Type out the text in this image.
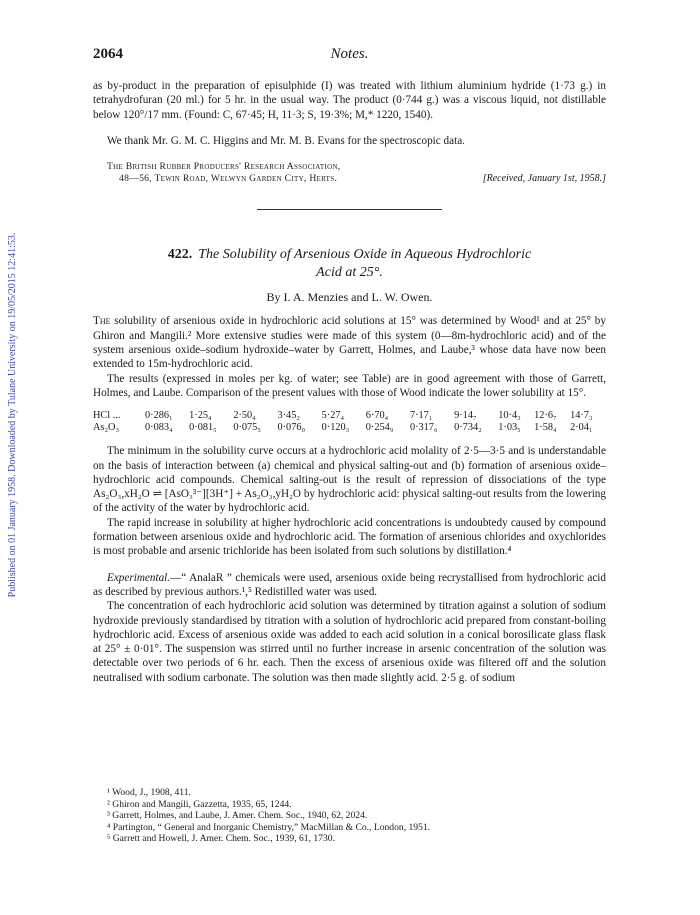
Published on 01 January 1958. Downloaded by Tulane University on 19/05/2015 12:41:53.
2064	Notes.

as by-product in the preparation of episulphide (I) was treated with lithium aluminium hydride (1·73 g.) in tetrahydrofuran (20 ml.) for 5 hr. in the usual way. The product (0·744 g.) was a viscous liquid, not distillable below 120°/17 mm. (Found: C, 67·45; H, 11·3; S, 19·3%; M,* 1220, 1540).

We thank Mr. G. M. C. Higgins and Mr. M. B. Evans for the spectroscopic data.

The British Rubber Producers' Research Association,
48—56, Tewin Road, Welwyn Garden City, Herts.	[Received, January 1st, 1958.]
422. The Solubility of Arsenious Oxide in Aqueous Hydrochloric
Acid at 25°.
By I. A. Menzies and L. W. Owen.

The solubility of arsenious oxide in hydrochloric acid solutions at 15° was determined by Wood¹ and at 25° by Ghiron and Mangili.² More extensive studies were made of this system (0—8m-hydrochloric acid) and of the system arsenious oxide–sodium hydroxide–water by Garrett, Holmes, and Laube,³ whose data have now been extended to 15m-hydrochloric acid.

The results (expressed in moles per kg. of water; see Table) are in good agreement with those of Garrett, Holmes, and Laube. Comparison of the present values with those of Wood indicate the lower solubility at 15°.

HCl ...	0·286₁	1·25₄	2·50₄	3·45₂	5·27₄	6·70₄	7·17₁	9·14₇	10·4₃	12·6₇	14·7₃
As₂O₃	0·083₄	0·081₅	0·075₅	0·076₀	0·120₃	0·254₉	0·317₆	0·734₂	1·03₅	1·58₄	2·04₁

The minimum in the solubility curve occurs at a hydrochloric acid molality of 2·5—3·5 and is understandable on the basis of interaction between (a) chemical and physical salting-out and (b) formation of arsenious oxide–hydrochloric acid compounds. Chemical salting-out is the result of repression of dissociations of the type As₂O₃,xH₂O ⇌ [AsO₃³⁻][3H⁺] + As₂O₃,yH₂O by hydrochloric acid: physical salting-out results from the lowering of the activity of the water by hydrochloric acid.

The rapid increase in solubility at higher hydrochloric acid concentrations is undoubtedy caused by compound formation between arsenious oxide and hydrochloric acid. The formation of arsenious chlorides and oxychlorides is most probable and arsenic trichloride has been isolated from such solutions by distillation.⁴

Experimental.—“ AnalaR ” chemicals were used, arsenious oxide being recrystallised from hydrochloric acid as described by previous authors.¹,⁵ Redistilled water was used.

The concentration of each hydrochloric acid solution was determined by titration against a solution of sodium hydroxide previously standardised by titration with a solution of hydrochloric acid prepared from constant-boiling hydrochloric acid. Excess of arsenious oxide was added to each acid solution in a conical borosilicate glass flask at 25° ± 0·01°. The suspension was stirred until no further increase in arsenic concentration of the solution was detectable over two periods of 6 hr. each. Then the excess of arsenious oxide was filtered off and the solution neutralised with sodium carbonate. The solution was then made slightly acid. 2·5 g. of sodium

¹ Wood, J., 1908, 411.
² Ghiron and Mangili, Gazzetta, 1935, 65, 1244.
³ Garrett, Holmes, and Laube, J. Amer. Chem. Soc., 1940, 62, 2024.
⁴ Partington, “ General and Inorganic Chemistry,” MacMillan & Co., London, 1951.
⁵ Garrett and Howell, J. Amer. Chem. Soc., 1939, 61, 1730.
